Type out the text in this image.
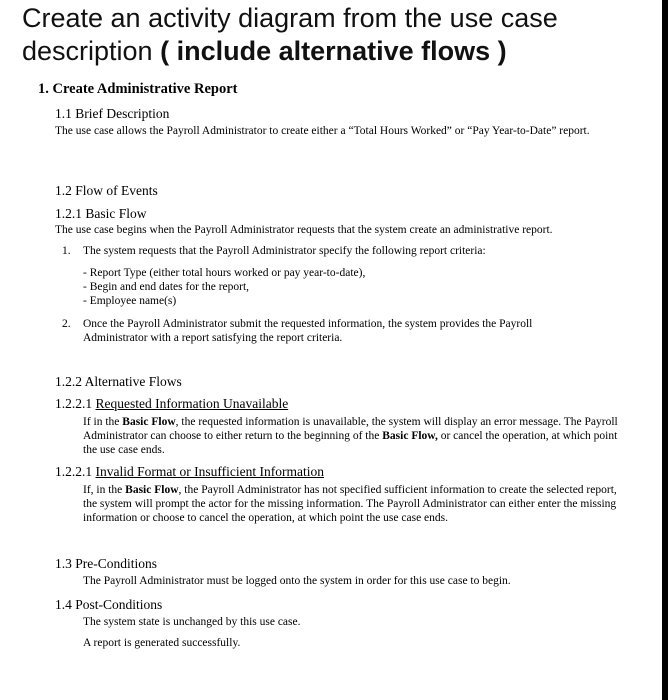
Create an activity diagram from the use case
description ( include alternative flows )
1. Create Administrative Report
1.1 Brief Description
The use case allows the Payroll Administrator to create either a “Total Hours Worked” or “Pay Year-to-Date” report.
1.2 Flow of Events
1.2.1 Basic Flow
The use case begins when the Payroll Administrator requests that the system create an administrative report.
1. The system requests that the Payroll Administrator specify the following report criteria:
- Report Type (either total hours worked or pay year-to-date),
- Begin and end dates for the report,
- Employee name(s)
2. Once the Payroll Administrator submit the requested information, the system provides the Payroll Administrator with a report satisfying the report criteria.
1.2.2 Alternative Flows
1.2.2.1 Requested Information Unavailable
If in the Basic Flow, the requested information is unavailable, the system will display an error message. The Payroll Administrator can choose to either return to the beginning of the Basic Flow, or cancel the operation, at which point the use case ends.
1.2.2.1 Invalid Format or Insufficient Information
If, in the Basic Flow, the Payroll Administrator has not specified sufficient information to create the selected report, the system will prompt the actor for the missing information. The Payroll Administrator can either enter the missing information or choose to cancel the operation, at which point the use case ends.
1.3 Pre-Conditions
The Payroll Administrator must be logged onto the system in order for this use case to begin.
1.4 Post-Conditions
The system state is unchanged by this use case.
A report is generated successfully.
